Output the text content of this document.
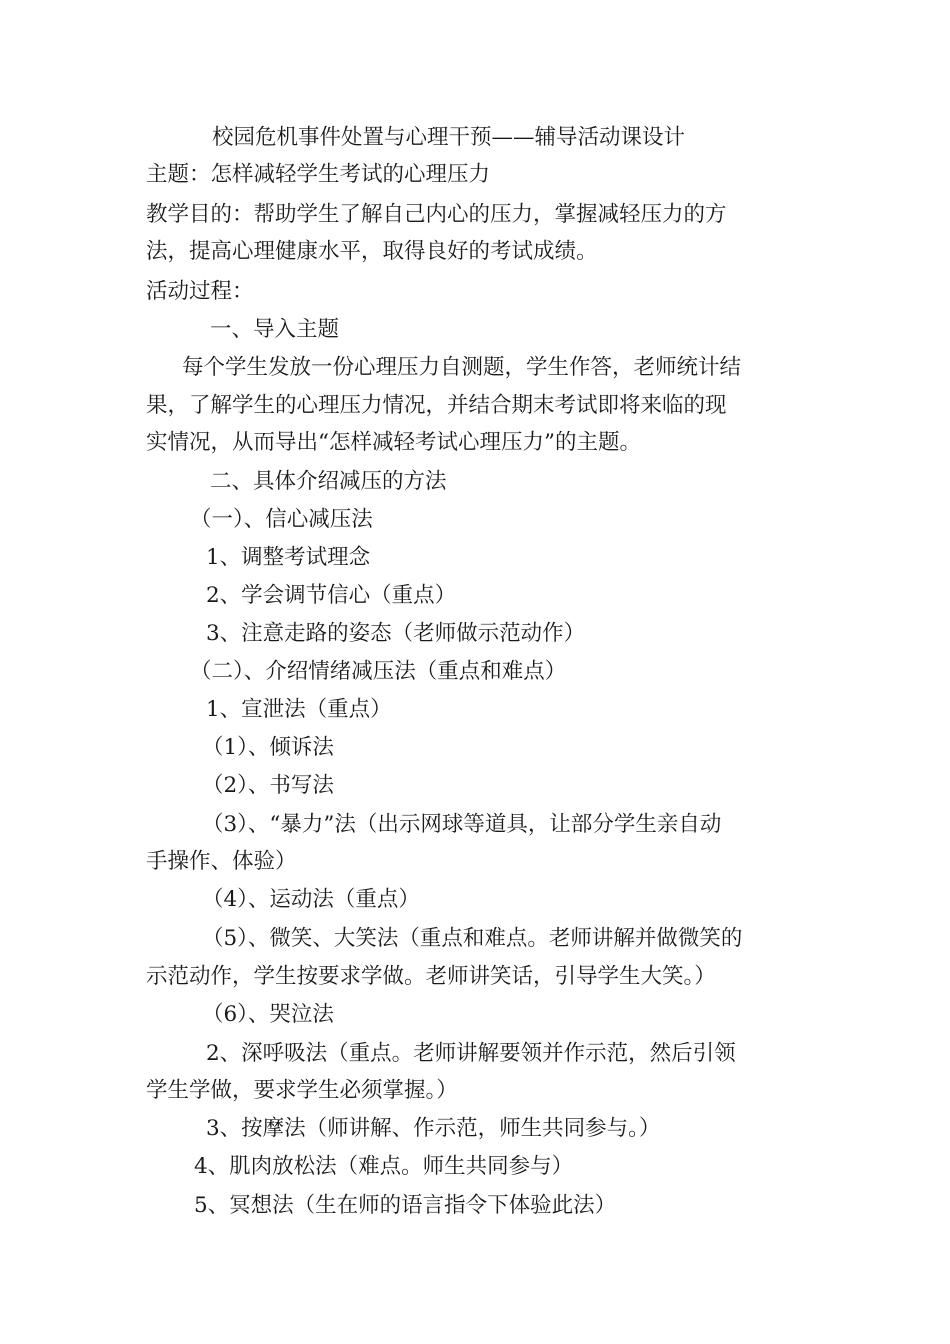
校园危机事件处置与心理干预——辅导活动课设计
主题：怎样减轻学生考试的心理压力
教学目的：帮助学生了解自己内心的压力，掌握减轻压力的方
法，提高心理健康水平，取得良好的考试成绩。
活动过程：
一、导入主题
每个学生发放一份心理压力自测题，学生作答，老师统计结
果，了解学生的心理压力情况，并结合期末考试即将来临的现
实情况，从而导出“怎样减轻考试心理压力”的主题。
二、具体介绍减压的方法
（一）、信心减压法
1、调整考试理念
2、学会调节信心（重点）
3、注意走路的姿态（老师做示范动作）
（二）、介绍情绪减压法（重点和难点）
1、宣泄法（重点）
（1）、倾诉法
（2）、书写法
（3）、“暴力”法（出示网球等道具，让部分学生亲自动
手操作、体验）
（4）、运动法（重点）
（5）、微笑、大笑法（重点和难点。老师讲解并做微笑的
示范动作，学生按要求学做。老师讲笑话，引导学生大笑。）
（6）、哭泣法
2、深呼吸法（重点。老师讲解要领并作示范，然后引领
学生学做，要求学生必须掌握。）
3、按摩法（师讲解、作示范，师生共同参与。）
4、肌肉放松法（难点。师生共同参与）
5、冥想法（生在师的语言指令下体验此法）
